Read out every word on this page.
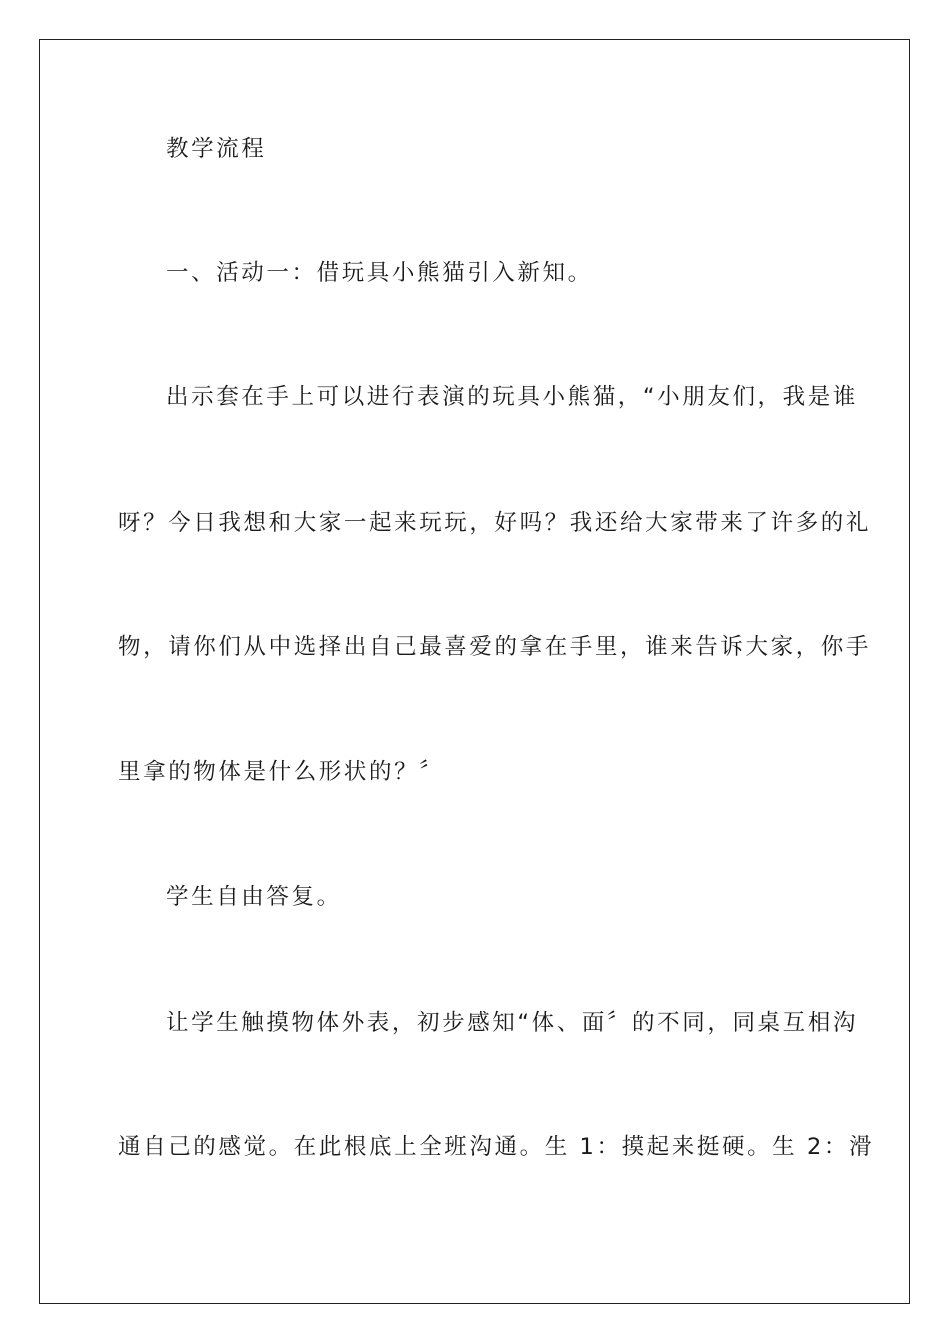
教学流程
一、活动一：借玩具小熊猫引入新知。
出示套在手上可以进行表演的玩具小熊猫，“小朋友们，我是谁
呀？今日我想和大家一起来玩玩，好吗？我还给大家带来了许多的礼
物，请你们从中选择出自己最喜爱的拿在手里，谁来告诉大家，你手
里拿的物体是什么形状的？〞
学生自由答复。
让学生触摸物体外表，初步感知“体、面〞的不同，同桌互相沟
通自己的感觉。在此根底上全班沟通。生 1：摸起来挺硬。生 2：滑
